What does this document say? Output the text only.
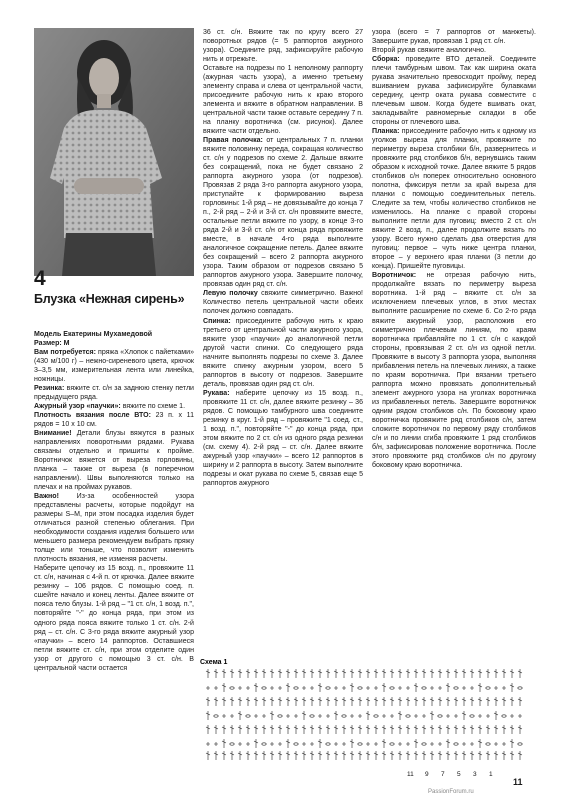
4
Блузка «Нежная сирень»

Модель Екатерины Мухамедовой

Размер: М

Вам потребуется: пряжа «Хлопок с пайетками» (430 м/100 г) – нежно-сиреневого цвета, крючок 3–3,5 мм, измерительная лента или линейка, ножницы.

Резинка: вяжите ст. с/н за заднюю стенку петли предыдущего ряда.

Ажурный узор «паучки»: вяжите по схеме 1.

Плотность вязания после ВТО: 23 п. х 11 рядов = 10 х 10 см.

Внимание! Детали блузы вяжутся в разных направлениях поворотными рядами. Рукава связаны отдельно и пришиты к пройме. Воротничок вяжется от выреза горловины, планка – также от выреза (в поперечном направлении). Швы выполняются только на плечах и на проймах рукавов.

Важно! Из-за особенностей узора представлены расчеты, которые подойдут на размеры S–M, при этом посадка изделия будет отличаться разной степенью облегания. При необходимости создания изделия большего или меньшего размера рекомендуем выбрать пряжу толще или тоньше, что позволит изменить плотность вязания, не изменяя расчеты.

Наберите цепочку из 15 возд. п., провяжите 11 ст. с/н, начиная с 4-й п. от крючка. Далее вяжите резинку – 106 рядов. С помощью соед. п. сшейте начало и конец ленты. Далее вяжите от пояса тело блузы. 1-й ряд – "1 ст. с/н, 1 возд. п.", повторяйте "-" до конца ряда, при этом из одного ряда пояса вяжите только 1 ст. с/н. 2-й ряд – ст. с/н. С 3-го ряда вяжите ажурный узор «паучки» – всего 14 раппортов. Оставшиеся петли вяжите ст. с/н, при этом отделите один узор от другого с помощью 3 ст. с/н. В центральной части остается

36 ст. с/н. Вяжите так по кругу всего 27 поворотных рядов (= 5 раппортов ажурного узора). Соедините ряд, зафиксируйте рабочую нить и отрежьте.

Оставьте на подрезы по 1 неполному раппорту (ажурная часть узора), а именно третьему элементу справа и слева от центральной части, присоедините рабочую нить к краю второго элемента и вяжите в обратном направлении. В центральной части также оставьте середину 7 п. на планку воротничка (см. рисунок). Далее вяжите части отдельно.

Правая полочка: от центральных 7 п. планки вяжите половинку переда, сокращая количество ст. с/н у подрезов по схеме 2. Дальше вяжите без сокращений, пока не будет связано 2 раппорта ажурного узора (от подрезов). Провязав 2 ряда 3-го раппорта ажурного узора, приступайте к формированию выреза горловины: 1-й ряд – не довязывайте до конца 7 п., 2-й ряд – 2-й и 3-й ст. с/н провяжите вместе, остальные петли вяжите по узору, в конце 3-го ряда 2-й и 3-й ст. с/н от конца ряда провяжите вместе, в начале 4-го ряда выполните аналогичное сокращение петель. Далее вяжите без сокращений – всего 2 раппорта ажурного узора. Таким образом от подрезов связано 5 раппортов ажурного узора. Завершите полочку, провязав один ряд ст. с/н.

Левую полочку свяжите симметрично. Важно! Количество петель центральной части обеих полочек должно совпадать.

Спинка: присоедините рабочую нить к краю третьего от центральной части ажурного узора, вяжите узор «паучки» до аналогичной петли другой части спинки. Со следующего ряда начните выполнять подрезы по схеме 3. Далее вяжите спинку ажурным узором, всего 5 раппортов в высоту от подрезов. Завершите деталь, провязав один ряд ст. с/н.

Рукава: наберите цепочку из 15 возд. п., провяжите 11 ст. с/н, далее вяжите резинку – 36 рядов. С помощью тамбурного шва соедините резинку в круг. 1-й ряд – провяжите "1 соед. ст., 1 возд. п.", повторяйте "-" до конца ряда, при этом вяжите по 2 ст. с/н из одного ряда резинки (см. схему 4). 2-й ряд – ст. с/н. Далее вяжите ажурный узор «паучки» – всего 12 раппортов в ширину и 2 раппорта в высоту. Затем выполните подрезы и окат рукава по схеме 5, связав еще 5 раппортов ажурного

узора (всего = 7 раппортов от манжеты). Завершите рукав, провязав 1 ряд ст. с/н.

Второй рукав свяжите аналогично.

Сборка: проведите ВТО деталей. Соедините плечи тамбурным швом. Так как ширина оката рукава значительно превосходит пройму, перед вшиванием рукава зафиксируйте булавками середину, центр оката рукава совместите с плечевым швом. Когда будете вшивать окат, закладывайте равномерные складки в обе стороны от плечевого шва.

Планка: присоедините рабочую нить к одному из уголков выреза для планки, провяжите по периметру выреза столбики б/н, развернитесь и провяжите ряд столбиков б/н, вернувшись таким образом к исходной точке. Далее вяжите 5 рядов столбиков с/н поперек относительно основного полотна, фиксируя петли за край выреза для планки с помощью соединительных петель. Следите за тем, чтобы количество столбиков не изменилось. На планке с правой стороны выполните петли для пуговиц: вместо 2 ст. с/н вяжите 2 возд. п., далее продолжите вязать по узору. Всего нужно сделать два отверстия для пуговиц: первое – чуть ниже центра планки, второе – у верхнего края планки (3 петли до конца). Пришейте пуговицы.

Воротничок: не отрезая рабочую нить, продолжайте вязать по периметру выреза воротника. 1-й ряд – вяжите ст. с/н за исключением плечевых углов, в этих местах выполните расширение по схеме 6. Со 2-го ряда вяжите ажурный узор, расположив его симметрично плечевым линиям, по краям воротничка прибавляйте по 1 ст. с/н с каждой стороны, провязывая 2 ст. с/н из одной петли. Провяжите в высоту 3 раппорта узора, выполняя прибавления петель на плечевых линиях, а также по краям воротничка. При вязании третьего раппорта можно провязать дополнительный элемент ажурного узора на уголках воротничка из прибавленных петель. Завершите воротничок одним рядом столбиков с/н. По боковому краю воротничка провяжите ряд столбиков с/н, затем сложите воротничок по первому ряду столбиков с/н и по линии сгиба провяжите 1 ряд столбиков б/н, зафиксировав положение воротничка. После этого провяжите ряд столбиков с/н по другому боковому краю воротничка.

Схема 1
11 9 7 5 3 1
11
PassionForum.ru
